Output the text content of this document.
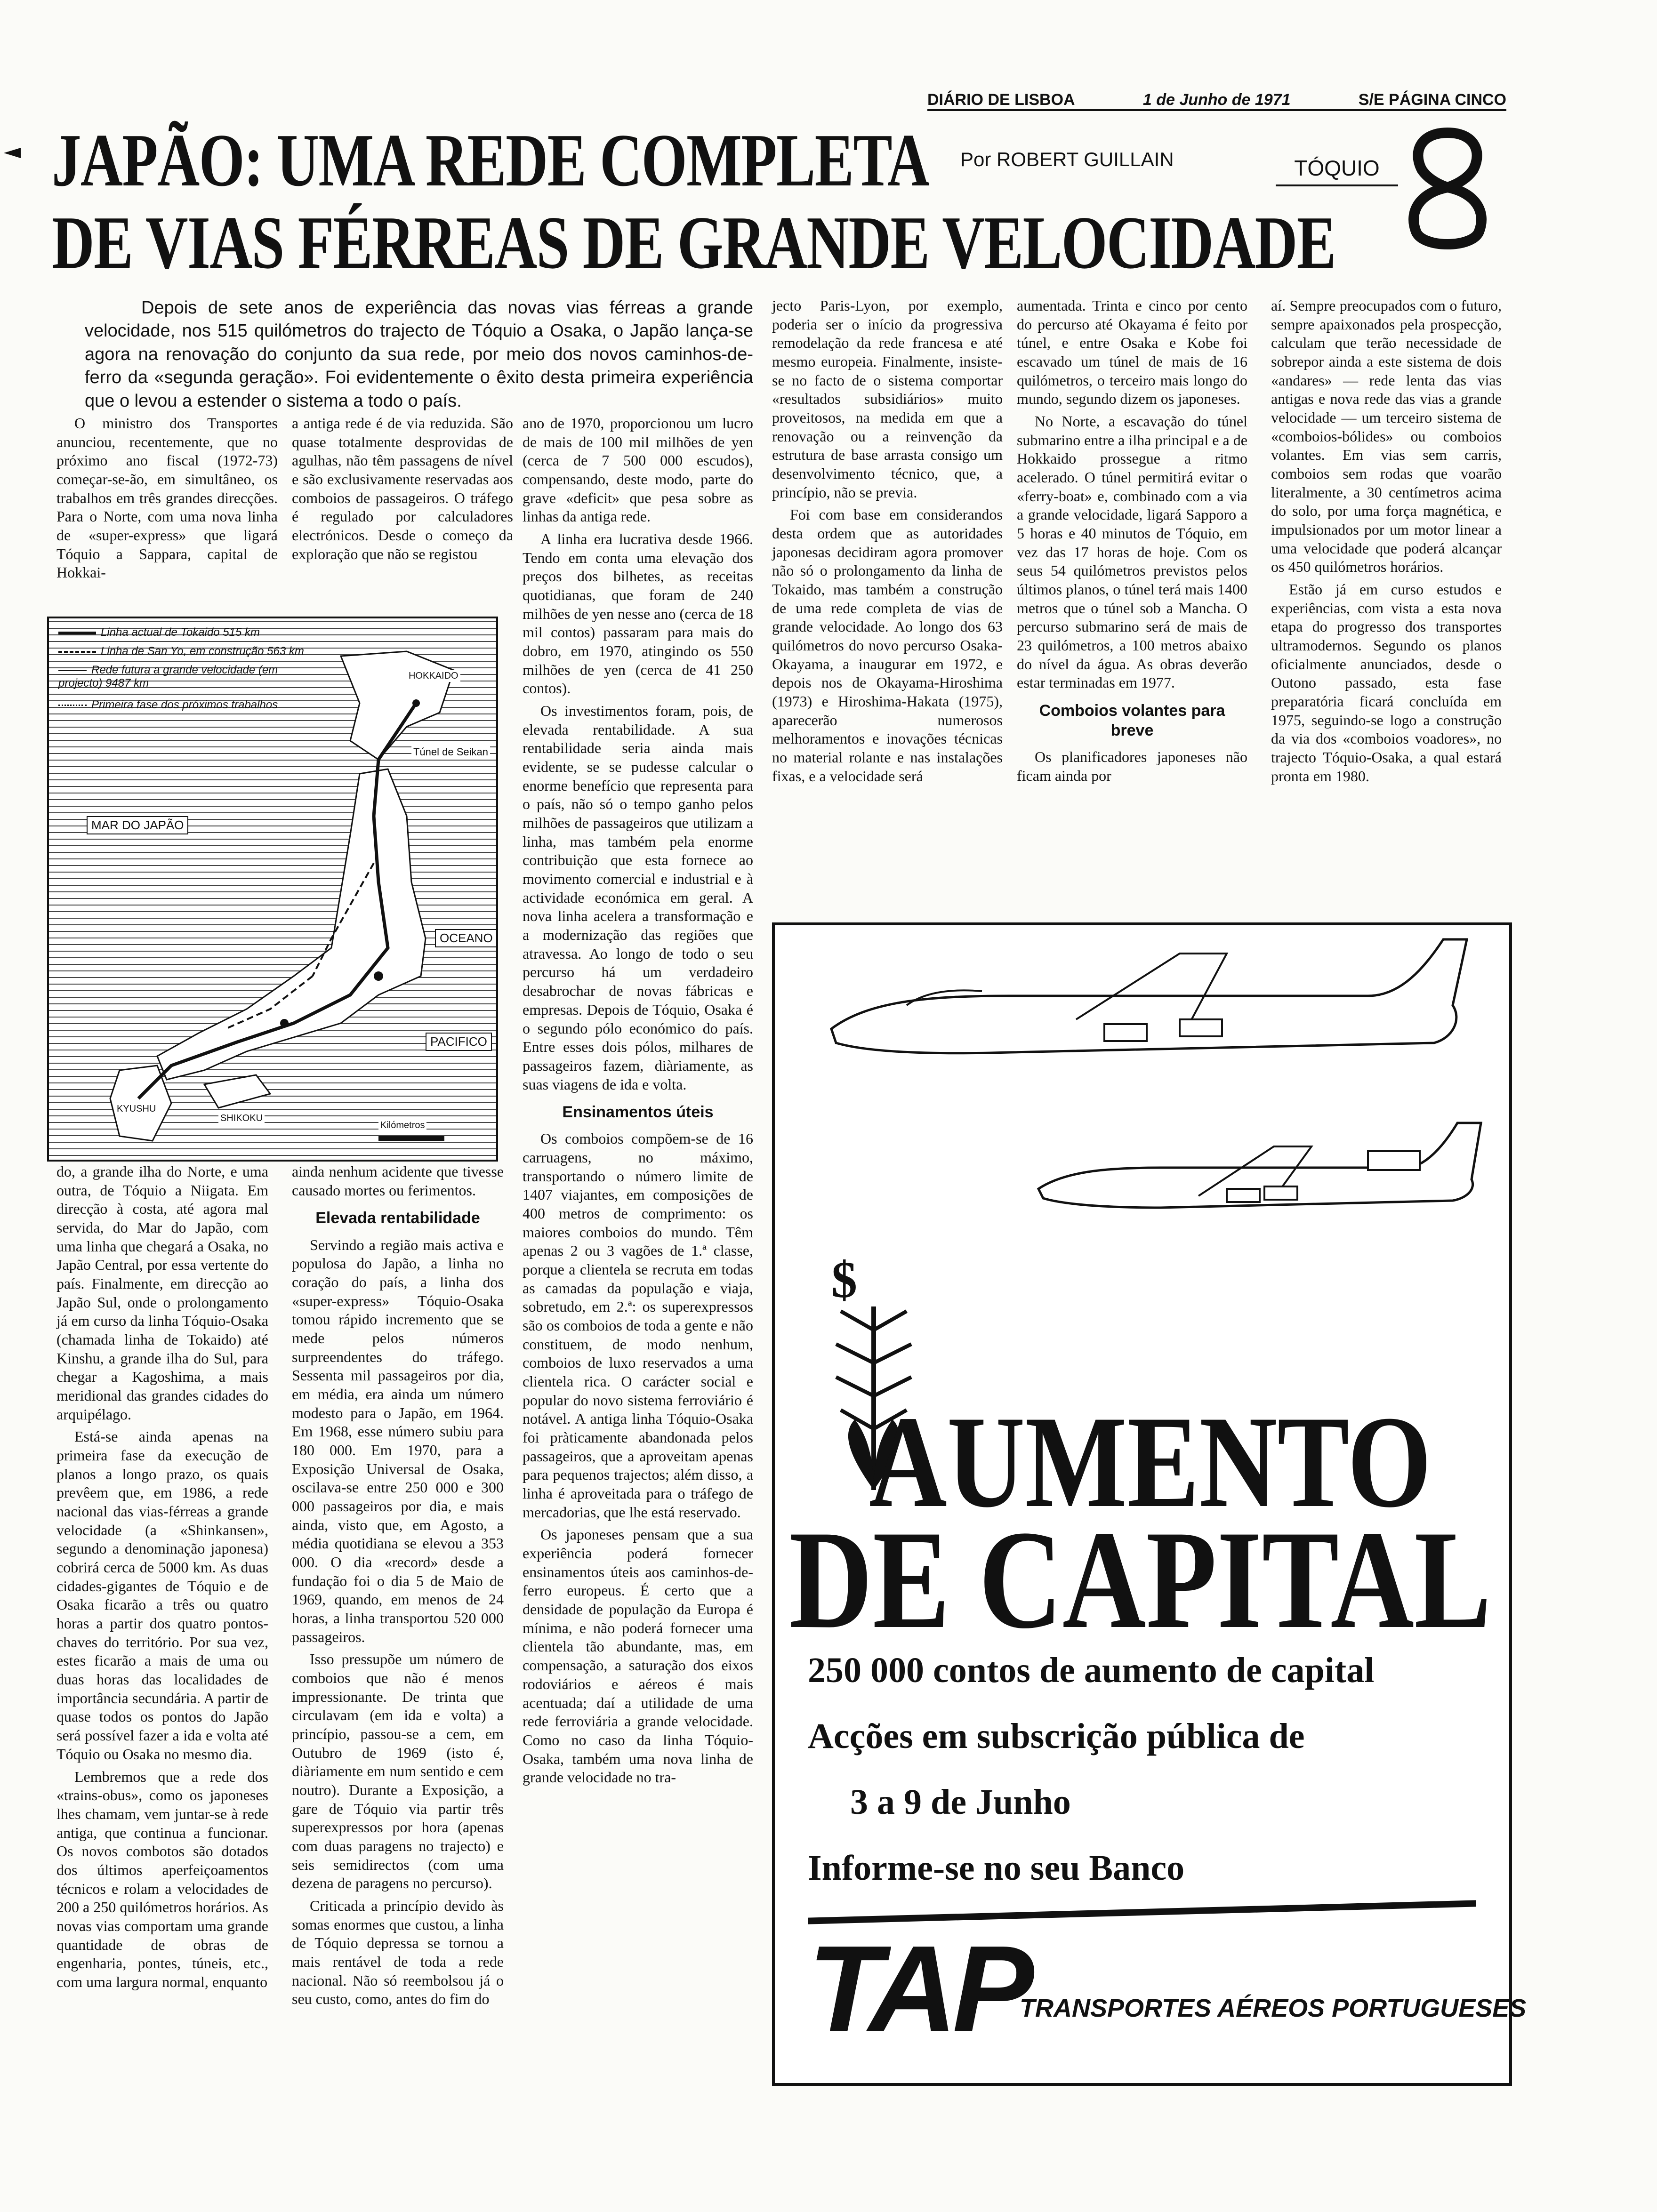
DIÁRIO DE LISBOA	1 de Junho de 1971	S/E PÁGINA CINCO
JAPÃO: UMA REDE COMPLETA
DE VIAS FÉRREAS DE GRANDE VELOCIDADE
Por ROBERT GUILLAIN	TÓQUIO
Depois de sete anos de experiência das novas vias férreas a grande velocidade, nos 515 quilómetros do trajecto de Tóquio a Osaka, o Japão lança-se agora na renovação do conjunto da sua rede, por meio dos novos caminhos-de-ferro da «segunda geração». Foi evidentemente o êxito desta primeira experiência que o levou a estender o sistema a todo o país.
Linha actual de Tokaido 515 km
Linha de San Yo, em construção 563 km
Rede futura a grande velocidade (em projecto) 9487 km
Primeira fase dos próximos trabalhos
HOKKAIDO
Túnel de Seikan
MAR DO JAPÃO
OCEANO
PACIFICO
KYUSHU
SHIKOKU
Kilómetros

O ministro dos Transportes anunciou, recentemente, que no próximo ano fiscal (1972-73) começar-se-ão, em simultâneo, os trabalhos em três grandes direcções. Para o Norte, com uma nova linha de «super-express» que ligará Tóquio a Sappara, capital de Hokkai-

do, a grande ilha do Norte, e uma outra, de Tóquio a Niigata. Em direcção à costa, até agora mal servida, do Mar do Japão, com uma linha que chegará a Osaka, no Japão Central, por essa vertente do país. Finalmente, em direcção ao Japão Sul, onde o prolongamento já em curso da linha Tóquio-Osaka (chamada linha de Tokaido) até Kinshu, a grande ilha do Sul, para chegar a Kagoshima, a mais meridional das grandes cidades do arquipélago.

Está-se ainda apenas na primeira fase da execução de planos a longo prazo, os quais prevêem que, em 1986, a rede nacional das vias-férreas a grande velocidade (a «Shinkansen», segundo a denominação japonesa) cobrirá cerca de 5000 km. As duas cidades-gigantes de Tóquio e de Osaka ficarão a três ou quatro horas a partir dos quatro pontos-chaves do território. Por sua vez, estes ficarão a mais de uma ou duas horas das localidades de importância secundária. A partir de quase todos os pontos do Japão será possível fazer a ida e volta até Tóquio ou Osaka no mesmo dia.

Lembremos que a rede dos «trains-obus», como os japoneses lhes chamam, vem juntar-se à rede antiga, que continua a funcionar. Os novos combotos são dotados dos últimos aperfeiçoamentos técnicos e rolam a velocidades de 200 a 250 quilómetros horários. As novas vias comportam uma grande quantidade de obras de engenharia, pontes, túneis, etc., com uma largura normal, enquanto

a antiga rede é de via reduzida. São quase totalmente desprovidas de agulhas, não têm passagens de nível e são exclusivamente reservadas aos comboios de passageiros. O tráfego é regulado por calculadores electrónicos. Desde o começo da exploração que não se registou

ainda nenhum acidente que tivesse causado mortes ou ferimentos.

Elevada rentabilidade

Servindo a região mais activa e populosa do Japão, a linha no coração do país, a linha dos «super-express» Tóquio-Osaka tomou rápido incremento que se mede pelos números surpreendentes do tráfego. Sessenta mil passageiros por dia, em média, era ainda um número modesto para o Japão, em 1964. Em 1968, esse número subiu para 180 000. Em 1970, para a Exposição Universal de Osaka, oscilava-se entre 250 000 e 300 000 passageiros por dia, e mais ainda, visto que, em Agosto, a média quotidiana se elevou a 353 000. O dia «record» desde a fundação foi o dia 5 de Maio de 1969, quando, em menos de 24 horas, a linha transportou 520 000 passageiros.

Isso pressupõe um número de comboios que não é menos impressionante. De trinta que circulavam (em ida e volta) a princípio, passou-se a cem, em Outubro de 1969 (isto é, diàriamente em num sentido e cem noutro). Durante a Exposição, a gare de Tóquio via partir três superexpressos por hora (apenas com duas paragens no trajecto) e seis semidirectos (com uma dezena de paragens no percurso).

Criticada a princípio devido às somas enormes que custou, a linha de Tóquio depressa se tornou a mais rentável de toda a rede nacional. Não só reembolsou já o seu custo, como, antes do fim do

ano de 1970, proporcionou um lucro de mais de 100 mil milhões de yen (cerca de 7 500 000 escudos), compensando, deste modo, parte do grave «deficit» que pesa sobre as linhas da antiga rede.

A linha era lucrativa desde 1966. Tendo em conta uma elevação dos preços dos bilhetes, as receitas quotidianas, que foram de 240 milhões de yen nesse ano (cerca de 18 mil contos) passaram para mais do dobro, em 1970, atingindo os 550 milhões de yen (cerca de 41 250 contos).

Os investimentos foram, pois, de elevada rentabilidade. A sua rentabilidade seria ainda mais evidente, se se pudesse calcular o enorme benefício que representa para o país, não só o tempo ganho pelos milhões de passageiros que utilizam a linha, mas também pela enorme contribuição que esta fornece ao movimento comercial e industrial e à actividade económica em geral. A nova linha acelera a transformação e a modernização das regiões que atravessa. Ao longo de todo o seu percurso há um verdadeiro desabrochar de novas fábricas e empresas. Depois de Tóquio, Osaka é o segundo pólo económico do país. Entre esses dois pólos, milhares de passageiros fazem, diàriamente, as suas viagens de ida e volta.

Ensinamentos úteis

Os comboios compõem-se de 16 carruagens, no máximo, transportando o número limite de 1407 viajantes, em composições de 400 metros de comprimento: os maiores comboios do mundo. Têm apenas 2 ou 3 vagões de 1.ª classe, porque a clientela se recruta em todas as camadas da população e viaja, sobretudo, em 2.ª: os superexpressos são os comboios de toda a gente e não constituem, de modo nenhum, comboios de luxo reservados a uma clientela rica. O carácter social e popular do novo sistema ferroviário é notável. A antiga linha Tóquio-Osaka foi pràticamente abandonada pelos passageiros, que a aproveitam apenas para pequenos trajectos; além disso, a linha é aproveitada para o tráfego de mercadorias, que lhe está reservado.

Os japoneses pensam que a sua experiência poderá fornecer ensinamentos úteis aos caminhos-de-ferro europeus. É certo que a densidade de população da Europa é mínima, e não poderá fornecer uma clientela tão abundante, mas, em compensação, a saturação dos eixos rodoviários e aéreos é mais acentuada; daí a utilidade de uma rede ferroviária a grande velocidade. Como no caso da linha Tóquio-Osaka, também uma nova linha de grande velocidade no tra-

jecto Paris-Lyon, por exemplo, poderia ser o início da progressiva remodelação da rede francesa e até mesmo europeia. Finalmente, insiste-se no facto de o sistema comportar «resultados subsidiários» muito proveitosos, na medida em que a renovação ou a reinvenção da estrutura de base arrasta consigo um desenvolvimento técnico, que, a princípio, não se previa.

Foi com base em considerandos desta ordem que as autoridades japonesas decidiram agora promover não só o prolongamento da linha de Tokaido, mas também a construção de uma rede completa de vias de grande velocidade. Ao longo dos 63 quilómetros do novo percurso Osaka-Okayama, a inaugurar em 1972, e depois nos de Okayama-Hiroshima (1973) e Hiroshima-Hakata (1975), aparecerão numerosos melhoramentos e inovações técnicas no material rolante e nas instalações fixas, e a velocidade será

aumentada. Trinta e cinco por cento do percurso até Okayama é feito por túnel, e entre Osaka e Kobe foi escavado um túnel de mais de 16 quilómetros, o terceiro mais longo do mundo, segundo dizem os japoneses.

No Norte, a escavação do túnel submarino entre a ilha principal e a de Hokkaido prossegue a ritmo acelerado. O túnel permitirá evitar o «ferry-boat» e, combinado com a via a grande velocidade, ligará Sapporo a 5 horas e 40 minutos de Tóquio, em vez das 17 horas de hoje. Com os seus 54 quilómetros previstos pelos últimos planos, o túnel terá mais 1400 metros que o túnel sob a Mancha. O percurso submarino será de mais de 23 quilómetros, a 100 metros abaixo do nível da água. As obras deverão estar terminadas em 1977.

Comboios volantes para breve

Os planificadores japoneses não ficam ainda por

aí. Sempre preocupados com o futuro, sempre apaixonados pela prospecção, calculam que terão necessidade de sobrepor ainda a este sistema de dois «andares» — rede lenta das vias antigas e nova rede das vias a grande velocidade — um terceiro sistema de «comboios-bólides» ou comboios volantes. Em vias sem carris, comboios sem rodas que voarão literalmente, a 30 centímetros acima do solo, por uma força magnética, e impulsionados por um motor linear a uma velocidade que poderá alcançar os 450 quilómetros horários.

Estão já em curso estudos e experiências, com vista a esta nova etapa do progresso dos transportes ultramodernos. Segundo os planos oficialmente anunciados, desde o Outono passado, esta fase preparatória ficará concluída em 1975, seguindo-se logo a construção da via dos «comboios voadores», no trajecto Tóquio-Osaka, a qual estará pronta em 1980.

$
AUMENTO
DE CAPITAL
250 000 contos de aumento de capital
Acções em subscrição pública de
3 a 9 de Junho
Informe-se no seu Banco
TAP
TRANSPORTES AÉREOS PORTUGUESES
